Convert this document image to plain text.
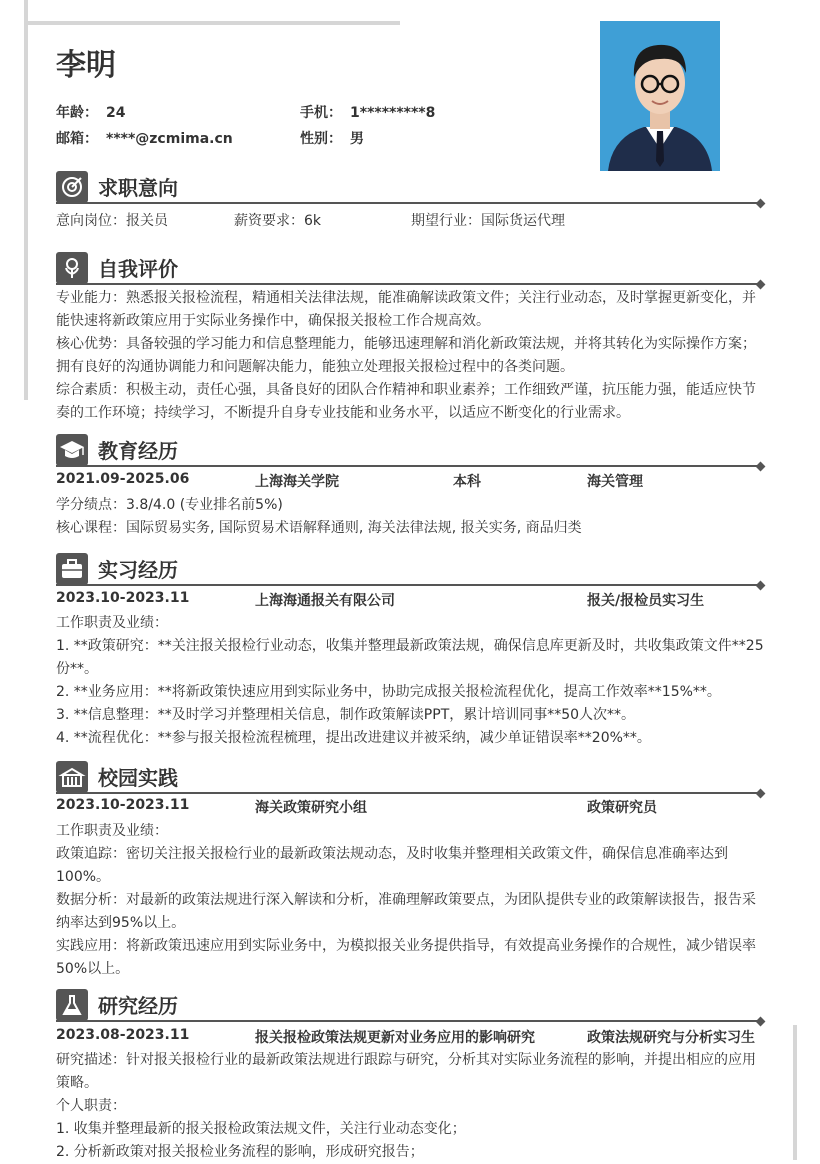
李明
年龄： 24	手机： 1*********8
邮箱： ****@zcmima.cn	性别： 男
求职意向
意向岗位：报关员	薪资要求：6k	期望行业：国际货运代理
自我评价

专业能力：熟悉报关报检流程，精通相关法律法规，能准确解读政策文件；关注行业动态，及时掌握更新变化，并能快速将新政策应用于实际业务操作中，确保报关报检工作合规高效。

核心优势：具备较强的学习能力和信息整理能力，能够迅速理解和消化新政策法规，并将其转化为实际操作方案；拥有良好的沟通协调能力和问题解决能力，能独立处理报关报检过程中的各类问题。

综合素质：积极主动，责任心强，具备良好的团队合作精神和职业素养；工作细致严谨，抗压能力强，能适应快节奏的工作环境；持续学习，不断提升自身专业技能和业务水平，以适应不断变化的行业需求。

教育经历
2021.09-2025.06	上海海关学院	本科	海关管理

学分绩点：3.8/4.0 (专业排名前5%)

核心课程：国际贸易实务, 国际贸易术语解释通则, 海关法律法规, 报关实务, 商品归类

实习经历
2023.10-2023.11	上海海通报关有限公司	报关/报检员实习生

工作职责及业绩：

1. **政策研究：**关注报关报检行业动态，收集并整理最新政策法规，确保信息库更新及时，共收集政策文件**25份**。

2. **业务应用：**将新政策快速应用到实际业务中，协助完成报关报检流程优化，提高工作效率**15%**。

3. **信息整理：**及时学习并整理相关信息，制作政策解读PPT，累计培训同事**50人次**。

4. **流程优化：**参与报关报检流程梳理，提出改进建议并被采纳，减少单证错误率**20%**。

校园实践
2023.10-2023.11	海关政策研究小组	政策研究员

工作职责及业绩：

政策追踪：密切关注报关报检行业的最新政策法规动态，及时收集并整理相关政策文件，确保信息准确率达到100%。

数据分析：对最新的政策法规进行深入解读和分析，准确理解政策要点，为团队提供专业的政策解读报告，报告采纳率达到95%以上。

实践应用：将新政策迅速应用到实际业务中，为模拟报关业务提供指导，有效提高业务操作的合规性，减少错误率50%以上。

研究经历
2023.08-2023.11	报关报检政策法规更新对业务应用的影响研究	政策法规研究与分析实习生

研究描述：针对报关报检行业的最新政策法规进行跟踪与研究，分析其对实际业务流程的影响，并提出相应的应用策略。

个人职责：

1. 收集并整理最新的报关报检政策法规文件，关注行业动态变化；

2. 分析新政策对报关报检业务流程的影响，形成研究报告；
